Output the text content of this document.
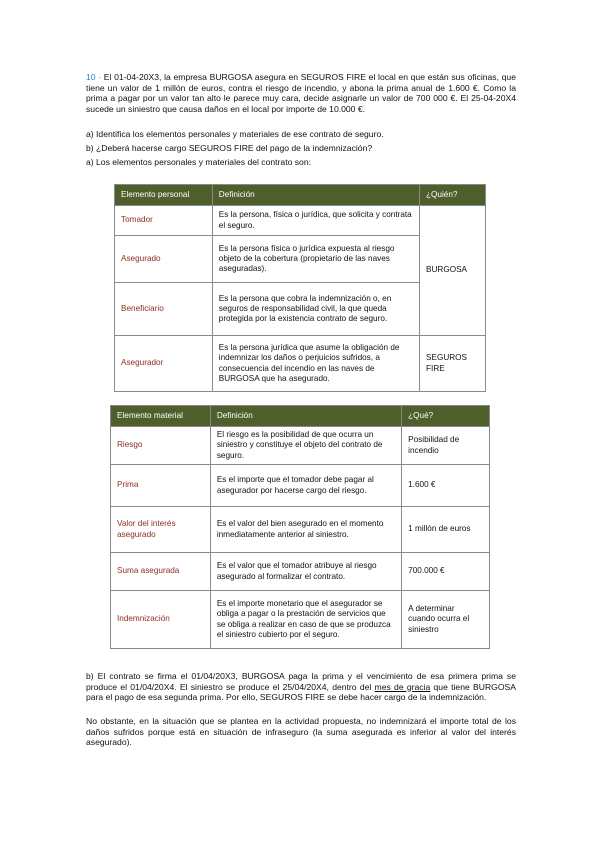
10 · El 01-04-20X3, la empresa BURGOSA asegura en SEGUROS FIRE el local en que están sus oficinas, que tiene un valor de 1 millón de euros, contra el riesgo de incendio, y abona la prima anual de 1.600 €. Como la prima a pagar por un valor tan alto le parece muy cara, decide asignarle un valor de 700 000 €. El 25-04-20X4 sucede un siniestro que causa daños en el local por importe de 10.000 €.
a) Identifica los elementos personales y materiales de ese contrato de seguro.
b) ¿Deberá hacerse cargo SEGUROS FIRE del pago de la indemnización?
a) Los elementos personales y materiales del contrato son:
Elemento personal	Definición	¿Quién?
Tomador	Es la persona, física o jurídica, que solicita y contrata el seguro.	BURGOSA
Asegurado	Es la persona física o jurídica expuesta al riesgo objeto de la cobertura (propietario de las naves aseguradas).	
Beneficiario	Es la persona que cobra la indemnización o, en seguros de responsabilidad civil, la que queda protegida por la existencia contrato de seguro.	
Asegurador	Es la persona jurídica que asume la obligación de indemnizar los daños o perjuicios sufridos, a consecuencia del incendio en las naves de BURGOSA que ha asegurado.	SEGUROS FIRE
Elemento material	Definición	¿Qué?
Riesgo	El riesgo es la posibilidad de que ocurra un siniestro y constituye el objeto del contrato de seguro.	Posibilidad de incendio
Prima	Es el importe que el tomador debe pagar al asegurador por hacerse cargo del riesgo.	1.600 €
Valor del interés asegurado	Es el valor del bien asegurado en el momento inmediatamente anterior al siniestro.	1 millón de euros
Suma asegurada	Es el valor que el tomador atribuye al riesgo asegurado al formalizar el contrato.	700.000 €
Indemnización	Es el importe monetario que el asegurador se obliga a pagar o la prestación de servicios que se obliga a realizar en caso de que se produzca el siniestro cubierto por el seguro.	A determinar cuando ocurra el siniestro
b) El contrato se firma el 01/04/20X3, BURGOSA paga la prima y el vencimiento de esa primera prima se produce el 01/04/20X4. El siniestro se produce el 25/04/20X4, dentro del mes de gracia que tiene BURGOSA para el pago de esa segunda prima. Por ello, SEGUROS FIRE se debe hacer cargo de la indemnización.
No obstante, en la situación que se plantea en la actividad propuesta, no indemnizará el importe total de los daños sufridos porque está en situación de infraseguro (la suma asegurada es inferior al valor del interés asegurado).
